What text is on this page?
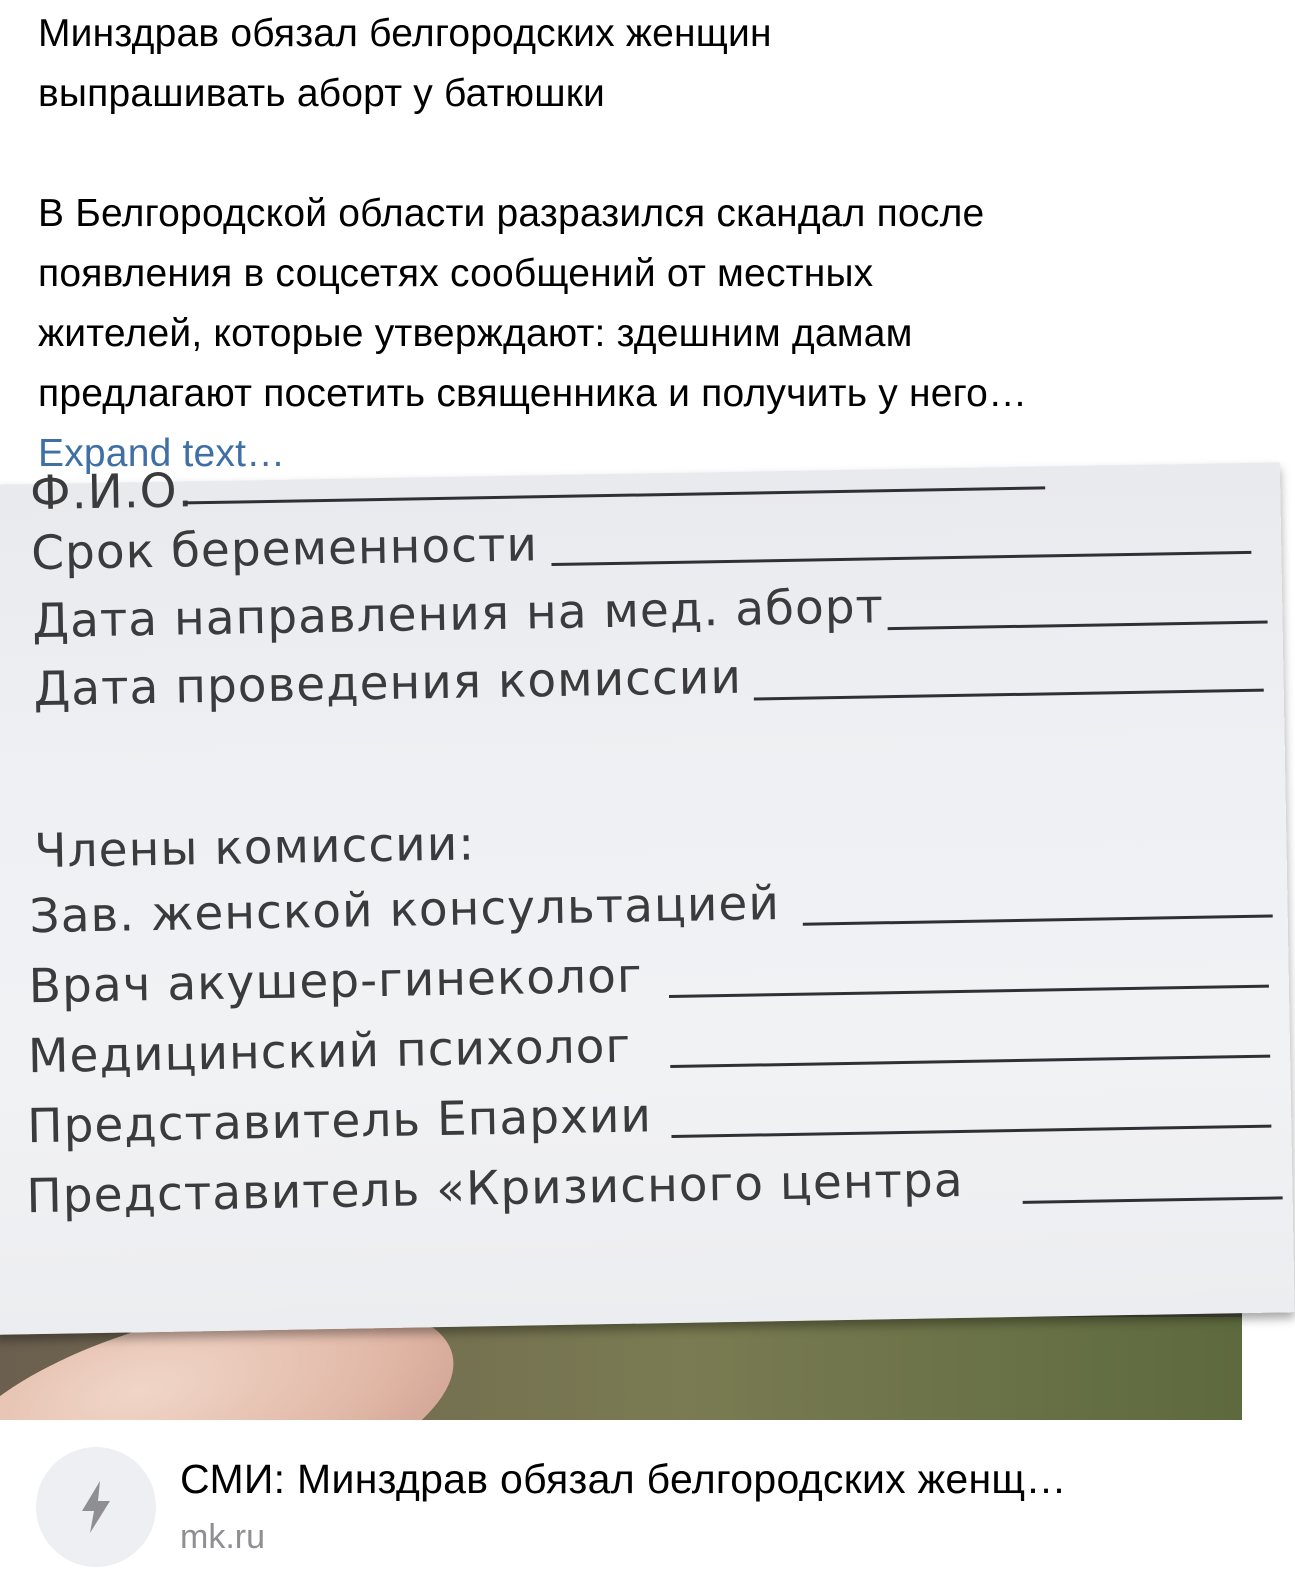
Минздрав обязал белгородских женщин
выпрашивать аборт у батюшки

В Белгородской области разразился скандал после
появления в соцсетях сообщений от местных
жителей, которые утверждают: здешним дамам
предлагают посетить священника и получить у него…
Expand text…

Ф.И.О.
Срок беременности
Дата направления на мед. аборт
Дата проведения комиссии
Члены комиссии:
Зав. женской консультацией
Врач акушер-гинеколог
Медицинский психолог
Представитель Епархии
Представитель «Кризисного центра
СМИ: Минздрав обязал белгородских женщ…
mk.ru
